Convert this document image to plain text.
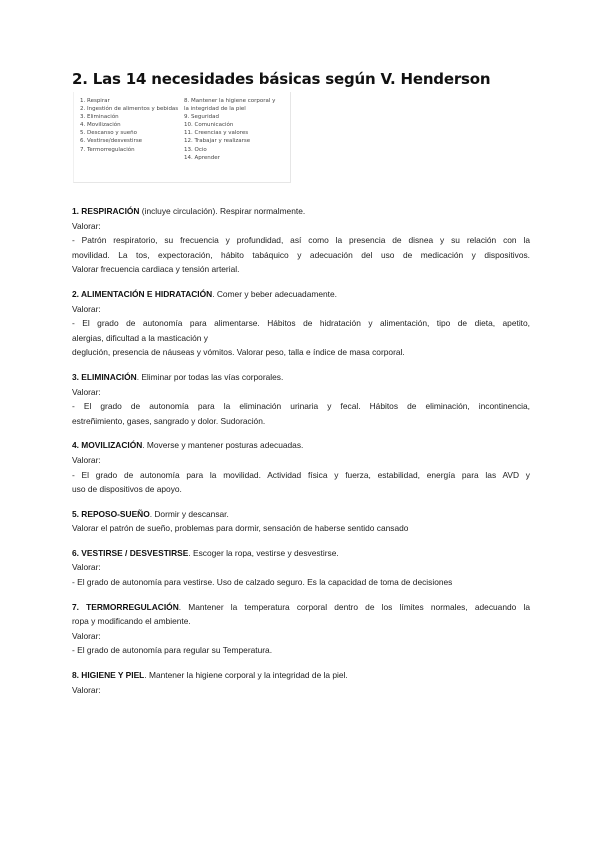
2. Las 14 necesidades básicas según V. Henderson
1. Respirar
2. Ingestión de alimentos y bebidas
3. Eliminación
4. Movilización
5. Descanso y sueño
6. Vestirse/desvestirse
7. Termorregulación
8. Mantener la higiene corporal y
la integridad de la piel
9. Seguridad
10. Comunicación
11. Creencias y valores
12. Trabajar y realizarse
13. Ocio
14. Aprender
1. RESPIRACIÓN (incluye circulación). Respirar normalmente.
Valorar:
- Patrón respiratorio, su frecuencia y profundidad, así como la presencia de disnea y su relación con la
movilidad. La tos, expectoración, hábito tabáquico y adecuación del uso de medicación y dispositivos.
Valorar frecuencia cardiaca y tensión arterial.
2. ALIMENTACIÓN E HIDRATACIÓN. Comer y beber adecuadamente.
Valorar:
- El grado de autonomía para alimentarse. Hábitos de hidratación y alimentación, tipo de dieta, apetito,
alergias, dificultad a la masticación y
deglución, presencia de náuseas y vómitos. Valorar peso, talla e índice de masa corporal.
3. ELIMINACIÓN. Eliminar por todas las vías corporales.
Valorar:
- El grado de autonomía para la eliminación urinaria y fecal. Hábitos de eliminación, incontinencia,
estreñimiento, gases, sangrado y dolor. Sudoración.
4. MOVILIZACIÓN. Moverse y mantener posturas adecuadas.
Valorar:
- El grado de autonomía para la movilidad. Actividad física y fuerza, estabilidad, energía para las AVD y
uso de dispositivos de apoyo.
5. REPOSO-SUEÑO. Dormir y descansar.
Valorar el patrón de sueño, problemas para dormir, sensación de haberse sentido cansado
6. VESTIRSE / DESVESTIRSE. Escoger la ropa, vestirse y desvestirse.
Valorar:
- El grado de autonomía para vestirse. Uso de calzado seguro. Es la capacidad de toma de decisiones
7. TERMORREGULACIÓN. Mantener la temperatura corporal dentro de los límites normales, adecuando la
ropa y modificando el ambiente.
Valorar:
- El grado de autonomía para regular su Temperatura.
8. HIGIENE Y PIEL. Mantener la higiene corporal y la integridad de la piel.
Valorar:
